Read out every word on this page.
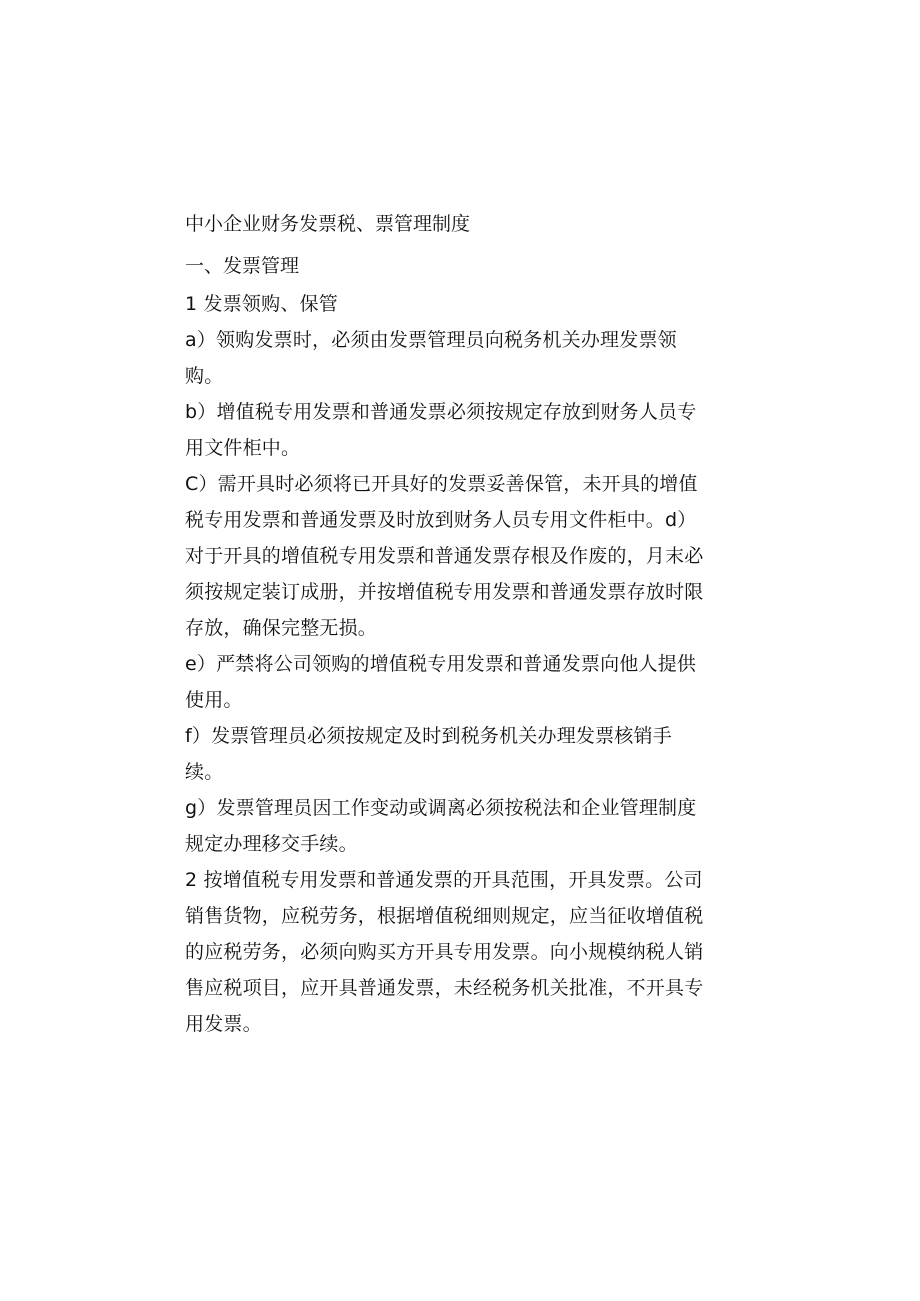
中小企业财务发票税、票管理制度
一、发票管理
1 发票领购、保管
a）领购发票时，必须由发票管理员向税务机关办理发票领
购。
b）增值税专用发票和普通发票必须按规定存放到财务人员专
用文件柜中。
C）需开具时必须将已开具好的发票妥善保管，未开具的增值
税专用发票和普通发票及时放到财务人员专用文件柜中。d）
对于开具的增值税专用发票和普通发票存根及作废的，月末必
须按规定装订成册，并按增值税专用发票和普通发票存放时限
存放，确保完整无损。
e）严禁将公司领购的增值税专用发票和普通发票向他人提供
使用。
f）发票管理员必须按规定及时到税务机关办理发票核销手
续。
g）发票管理员因工作变动或调离必须按税法和企业管理制度
规定办理移交手续。
2 按增值税专用发票和普通发票的开具范围，开具发票。公司
销售货物，应税劳务，根据增值税细则规定，应当征收增值税
的应税劳务，必须向购买方开具专用发票。向小规模纳税人销
售应税项目，应开具普通发票，未经税务机关批准，不开具专
用发票。
